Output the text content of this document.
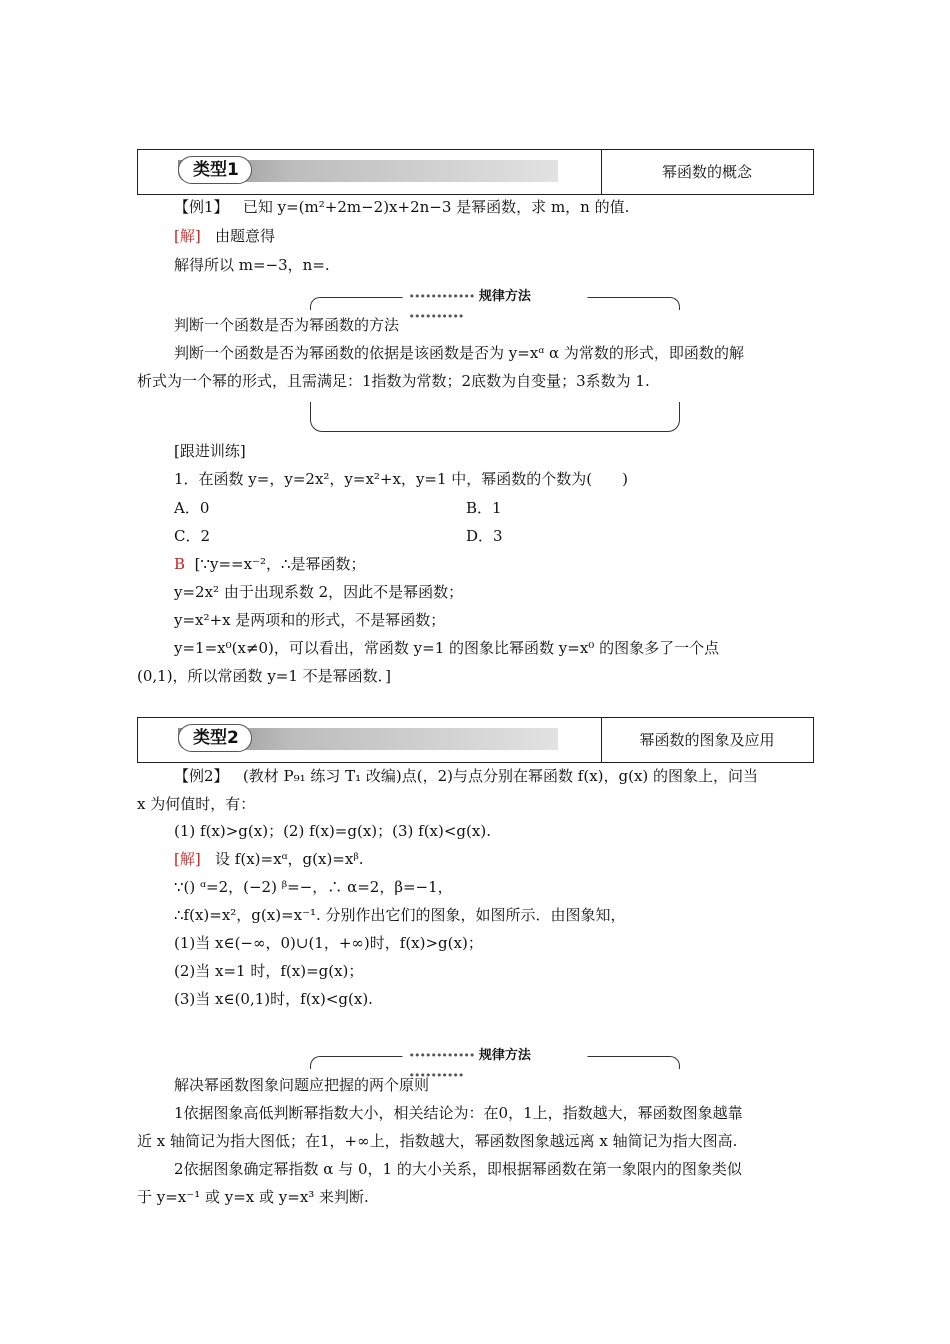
类型1	幂函数的概念
【例1】 已知 y=(m²+2m−2)x+2n−3 是幂函数，求 m，n 的值.
[解] 由题意得
解得所以 m=−3，n=.
•••••••••••• 规律方法 ••••••••••
判断一个函数是否为幂函数的方法
判断一个函数是否为幂函数的依据是该函数是否为 y=xᵅ α 为常数的形式，即函数的解
析式为一个幂的形式，且需满足：1指数为常数；2底数为自变量；3系数为 1.
[跟进训练]
1．在函数 y=，y=2x²，y=x²+x，y=1 中，幂函数的个数为(　　)
A．0	B．1
C．2	D．3
B [∵y==x⁻²，∴是幂函数；
y=2x² 由于出现系数 2，因此不是幂函数；
y=x²+x 是两项和的形式，不是幂函数；
y=1=x⁰(x≠0)，可以看出，常函数 y=1 的图象比幂函数 y=x⁰ 的图象多了一个点
(0,1)，所以常函数 y=1 不是幂函数．]
类型2	幂函数的图象及应用
【例2】 (教材 P₉₁ 练习 T₁ 改编)点(，2)与点分别在幂函数 f(x)，g(x) 的图象上，问当
x 为何值时，有：
(1) f(x)>g(x)；(2) f(x)=g(x)；(3) f(x)<g(x).
[解] 设 f(x)=xᵅ，g(x)=xᵝ.
∵() ᵅ=2，(−2) ᵝ=−，∴ α=2，β=−1，
∴f(x)=x²，g(x)=x⁻¹. 分别作出它们的图象，如图所示．由图象知，
(1)当 x∈(−∞，0)∪(1，+∞)时，f(x)>g(x)；
(2)当 x=1 时，f(x)=g(x)；
(3)当 x∈(0,1)时，f(x)<g(x).
•••••••••••• 规律方法 ••••••••••
解决幂函数图象问题应把握的两个原则
1依据图象高低判断幂指数大小，相关结论为：在0，1上，指数越大，幂函数图象越靠
近 x 轴简记为指大图低；在1，+∞上，指数越大，幂函数图象越远离 x 轴简记为指大图高.
2依据图象确定幂指数 α 与 0，1 的大小关系，即根据幂函数在第一象限内的图象类似
于 y=x⁻¹ 或 y=x 或 y=x³ 来判断.
